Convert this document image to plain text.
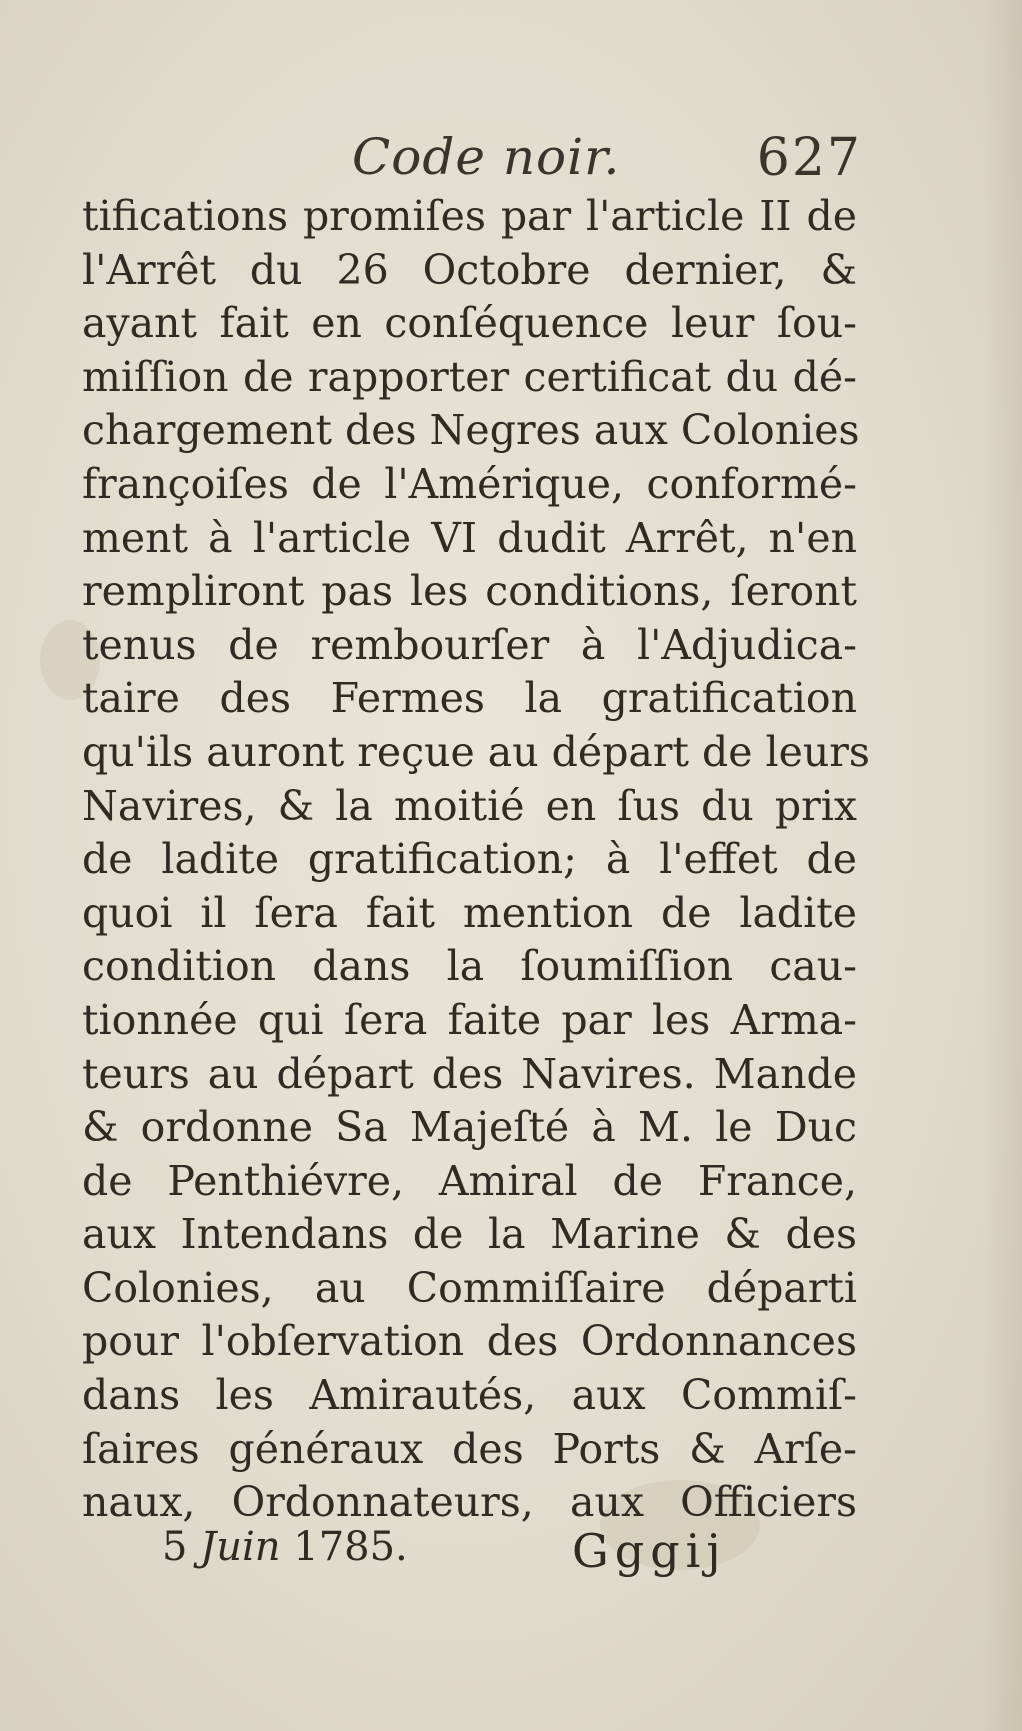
Code noir.	627
tifications promiſes par l'article II de
l'Arrêt du 26 Octobre dernier, &
ayant fait en conſéquence leur ſou-
miſſion de rapporter certificat du dé-
chargement des Negres aux Colonies
françoiſes de l'Amérique, conformé-
ment à l'article VI dudit Arrêt, n'en
rempliront pas les conditions, ſeront
tenus de rembourſer à l'Adjudica-
taire des Fermes la gratification
qu'ils auront reçue au départ de leurs
Navires, & la moitié en ſus du prix
de ladite gratification; à l'effet de
quoi il ſera fait mention de ladite
condition dans la ſoumiſſion cau-
tionnée qui ſera faite par les Arma-
teurs au départ des Navires. Mande
& ordonne Sa Majeſté à M. le Duc
de Penthiévre, Amiral de France,
aux Intendans de la Marine & des
Colonies, au Commiſſaire départi
pour l'obſervation des Ordonnances
dans les Amirautés, aux Commiſ-
ſaires généraux des Ports & Arſe-
naux, Ordonnateurs, aux Officiers
5 Juin 1785.	Gggij
